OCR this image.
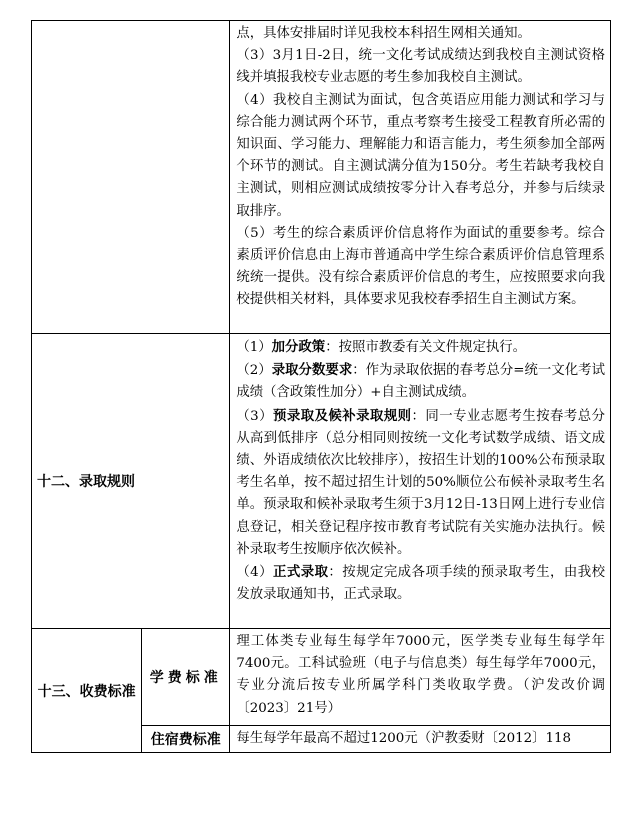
		点，具体安排届时详见我校本科招生网相关通知。

（3）3月1日-2日，统一文化考试成绩达到我校自主测试资格线并填报我校专业志愿的考生参加我校自主测试。

（4）我校自主测试为面试，包含英语应用能力测试和学习与综合能力测试两个环节，重点考察考生接受工程教育所必需的知识面、学习能力、理解能力和语言能力，考生须参加全部两个环节的测试。自主测试满分值为150分。考生若缺考我校自主测试，则相应测试成绩按零分计入春考总分，并参与后续录取排序。

（5）考生的综合素质评价信息将作为面试的重要参考。综合素质评价信息由上海市普通高中学生综合素质评价信息管理系统统一提供。没有综合素质评价信息的考生，应按照要求向我校提供相关材料，具体要求见我校春季招生自主测试方案。

十二、录取规则		（1）加分政策：按照市教委有关文件规定执行。

（2）录取分数要求：作为录取依据的春考总分=统一文化考试成绩（含政策性加分）+自主测试成绩。

（3）预录取及候补录取规则：同一专业志愿考生按春考总分从高到低排序（总分相同则按统一文化考试数学成绩、语文成绩、外语成绩依次比较排序），按招生计划的100%公布预录取考生名单，按不超过招生计划的50%顺位公布候补录取考生名单。预录取和候补录取考生须于3月12日-13日网上进行专业信息登记，相关登记程序按市教育考试院有关实施办法执行。候补录取考生按顺序依次候补。

（4）正式录取：按规定完成各项手续的预录取考生，由我校发放录取通知书，正式录取。

十三、收费标准	学费标准	理工体类专业每生每学年7000元，医学类专业每生每学年7400元。工科试验班（电子与信息类）每生每学年7000元，专业分流后按专业所属学科门类收取学费。（沪发改价调〔2023〕21号）

	住宿费标准	每生每学年最高不超过1200元（沪教委财〔2012〕118
